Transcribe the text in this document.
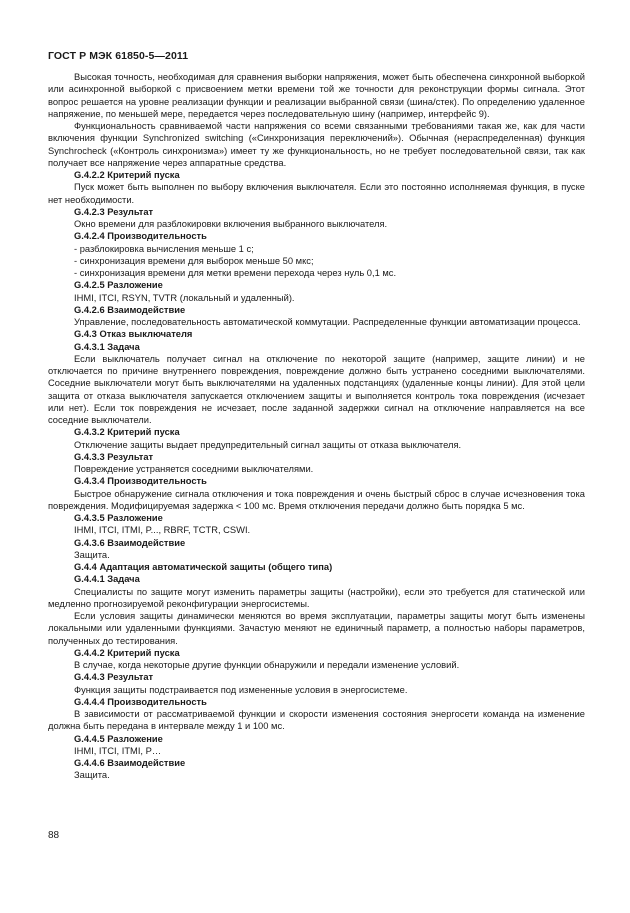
ГОСТ Р МЭК 61850-5—2011

Высокая точность, необходимая для сравнения выборки напряжения, может быть обеспечена синхронной выборкой или асинхронной выборкой с присвоением метки времени той же точности для реконструкции формы сигнала. Этот вопрос решается на уровне реализации функции и реализации выбранной связи (шина/стек). По определению удаленное напряжение, по меньшей мере, передается через последовательную шину (например, интерфейс 9).

Функциональность сравниваемой части напряжения со всеми связанными требованиями такая же, как для части включения функции Synchronized switching («Синхронизация переключений»). Обычная (нераспределенная) функция Synchrocheck («Контроль синхронизма») имеет ту же функциональность, но не требует последовательной связи, так как получает все напряжение через аппаратные средства.

G.4.2.2 Критерий пуска

Пуск может быть выполнен по выбору включения выключателя. Если это постоянно исполняемая функция, в пуске нет необходимости.

G.4.2.3 Результат

Окно времени для разблокировки включения выбранного выключателя.

G.4.2.4 Производительность

- разблокировка вычисления меньше 1 с;

- синхронизация времени для выборок меньше 50 мкс;

- синхронизация времени для метки времени перехода через нуль 0,1 мс.

G.4.2.5 Разложение

IHMI, ITCI, RSYN, TVTR (локальный и удаленный).

G.4.2.6 Взаимодействие

Управление, последовательность автоматической коммутации. Распределенные функции автоматизации процесса.

G.4.3 Отказ выключателя

G.4.3.1 Задача

Если выключатель получает сигнал на отключение по некоторой защите (например, защите линии) и не отключается по причине внутреннего повреждения, повреждение должно быть устранено соседними выключателями. Соседние выключатели могут быть выключателями на удаленных подстанциях (удаленные концы линии). Для этой цели защита от отказа выключателя запускается отключением защиты и выполняется контроль тока повреждения (исчезает или нет). Если ток повреждения не исчезает, после заданной задержки сигнал на отключение направляется на все соседние выключатели.

G.4.3.2 Критерий пуска

Отключение защиты выдает предупредительный сигнал защиты от отказа выключателя.

G.4.3.3 Результат

Повреждение устраняется соседними выключателями.

G.4.3.4 Производительность

Быстрое обнаружение сигнала отключения и тока повреждения и очень быстрый сброс в случае исчезновения тока повреждения. Модифицируемая задержка < 100 мс. Время отключения передачи должно быть порядка 5 мс.

G.4.3.5 Разложение

IHMI, ITCI, ITMI, P..., RBRF, TCTR, CSWI.

G.4.3.6 Взаимодействие

Защита.

G.4.4 Адаптация автоматической защиты (общего типа)

G.4.4.1 Задача

Специалисты по защите могут изменить параметры защиты (настройки), если это требуется для статической или медленно прогнозируемой реконфигурации энергосистемы.

Если условия защиты динамически меняются во время эксплуатации, параметры защиты могут быть изменены локальными или удаленными функциями. Зачастую меняют не единичный параметр, а полностью наборы параметров, полученных до тестирования.

G.4.4.2 Критерий пуска

В случае, когда некоторые другие функции обнаружили и передали изменение условий.

G.4.4.3 Результат

Функция защиты подстраивается под измененные условия в энергосистеме.

G.4.4.4 Производительность

В зависимости от рассматриваемой функции и скорости изменения состояния энергосети команда на изменение должна быть передана в интервале между 1 и 100 мс.

G.4.4.5 Разложение

IHMI, ITCI, ITMI, P…

G.4.4.6 Взаимодействие

Защита.

88
